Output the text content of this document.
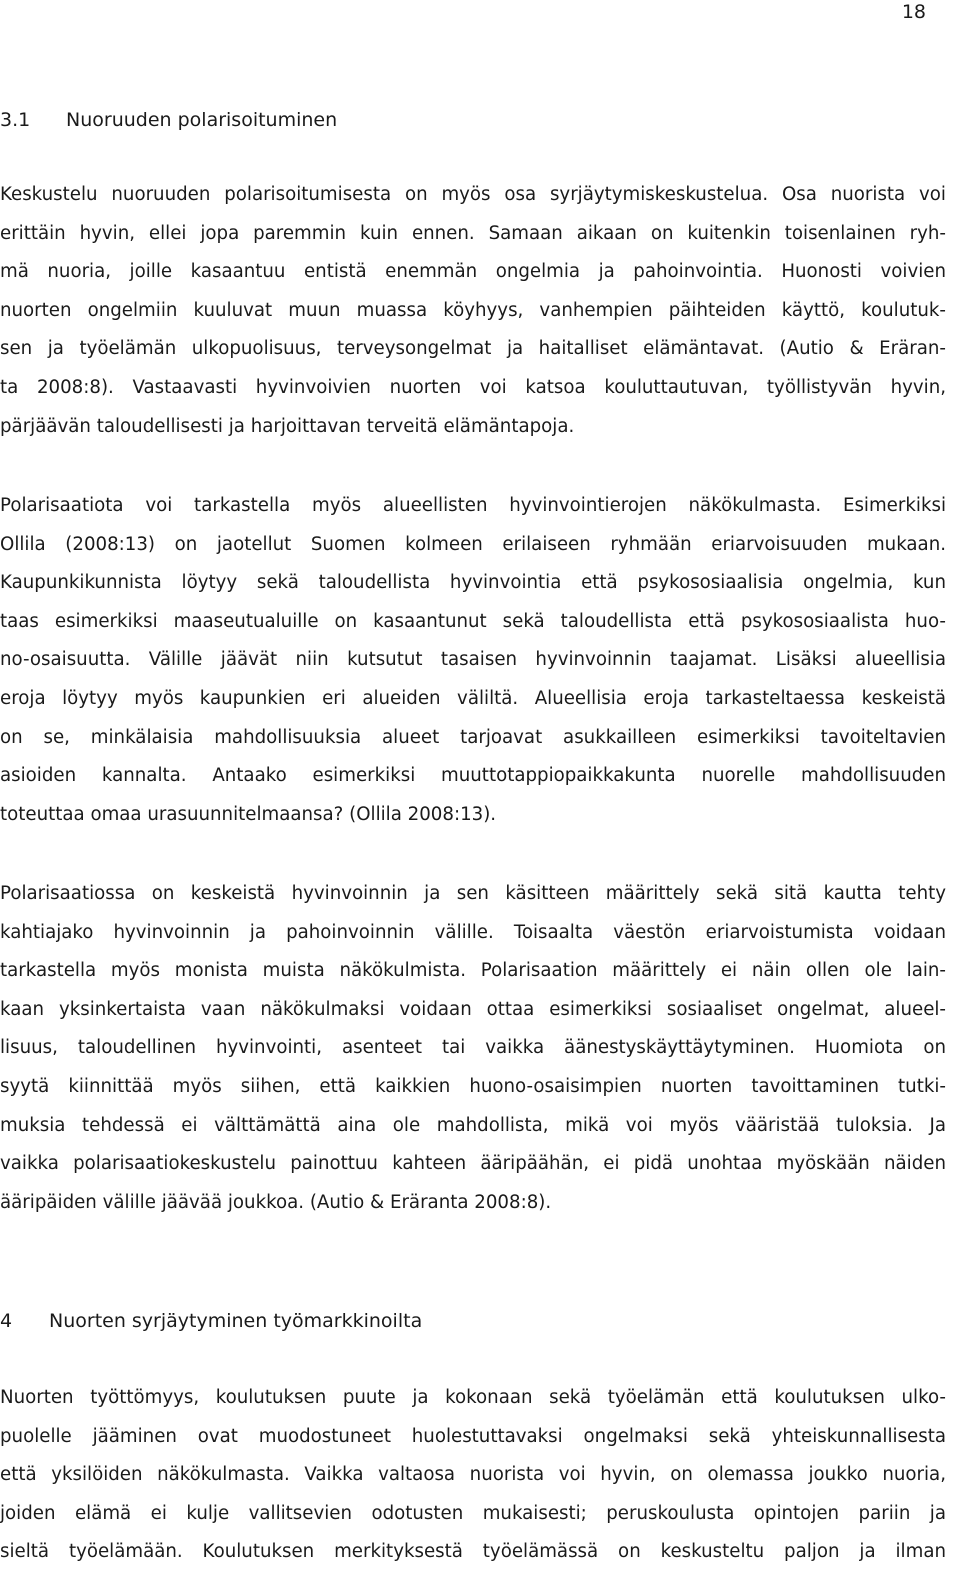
18
3.1 Nuoruuden polarisoituminen
Keskustelu nuoruuden polarisoitumisesta on myös osa syrjäytymiskeskustelua. Osa nuorista voi
erittäin hyvin, ellei jopa paremmin kuin ennen. Samaan aikaan on kuitenkin toisenlainen ryh-
mä nuoria, joille kasaantuu entistä enemmän ongelmia ja pahoinvointia. Huonosti voivien
nuorten ongelmiin kuuluvat muun muassa köyhyys, vanhempien päihteiden käyttö, koulutuk-
sen ja työelämän ulkopuolisuus, terveysongelmat ja haitalliset elämäntavat. (Autio & Eräran-
ta 2008:8). Vastaavasti hyvinvoivien nuorten voi katsoa kouluttautuvan, työllistyvän hyvin,
pärjäävän taloudellisesti ja harjoittavan terveitä elämäntapoja.
Polarisaatiota voi tarkastella myös alueellisten hyvinvointierojen näkökulmasta. Esimerkiksi
Ollila (2008:13) on jaotellut Suomen kolmeen erilaiseen ryhmään eriarvoisuuden mukaan.
Kaupunkikunnista löytyy sekä taloudellista hyvinvointia että psykososiaalisia ongelmia, kun
taas esimerkiksi maaseutualuille on kasaantunut sekä taloudellista että psykososiaalista huo-
no-osaisuutta. Välille jäävät niin kutsutut tasaisen hyvinvoinnin taajamat. Lisäksi alueellisia
eroja löytyy myös kaupunkien eri alueiden väliltä. Alueellisia eroja tarkasteltaessa keskeistä
on se, minkälaisia mahdollisuuksia alueet tarjoavat asukkailleen esimerkiksi tavoiteltavien
asioiden kannalta. Antaako esimerkiksi muuttotappiopaikkakunta nuorelle mahdollisuuden
toteuttaa omaa urasuunnitelmaansa? (Ollila 2008:13).
Polarisaatiossa on keskeistä hyvinvoinnin ja sen käsitteen määrittely sekä sitä kautta tehty
kahtiajako hyvinvoinnin ja pahoinvoinnin välille. Toisaalta väestön eriarvoistumista voidaan
tarkastella myös monista muista näkökulmista. Polarisaation määrittely ei näin ollen ole lain-
kaan yksinkertaista vaan näkökulmaksi voidaan ottaa esimerkiksi sosiaaliset ongelmat, alueel-
lisuus, taloudellinen hyvinvointi, asenteet tai vaikka äänestyskäyttäytyminen. Huomiota on
syytä kiinnittää myös siihen, että kaikkien huono-osaisimpien nuorten tavoittaminen tutki-
muksia tehdessä ei välttämättä aina ole mahdollista, mikä voi myös vääristää tuloksia. Ja
vaikka polarisaatiokeskustelu painottuu kahteen ääripäähän, ei pidä unohtaa myöskään näiden
ääripäiden välille jäävää joukkoa. (Autio & Eräranta 2008:8).
4 Nuorten syrjäytyminen työmarkkinoilta
Nuorten työttömyys, koulutuksen puute ja kokonaan sekä työelämän että koulutuksen ulko-
puolelle jääminen ovat muodostuneet huolestuttavaksi ongelmaksi sekä yhteiskunnallisesta
että yksilöiden näkökulmasta. Vaikka valtaosa nuorista voi hyvin, on olemassa joukko nuoria,
joiden elämä ei kulje vallitsevien odotusten mukaisesti; peruskoulusta opintojen pariin ja
sieltä työelämään. Koulutuksen merkityksestä työelämässä on keskusteltu paljon ja ilman
